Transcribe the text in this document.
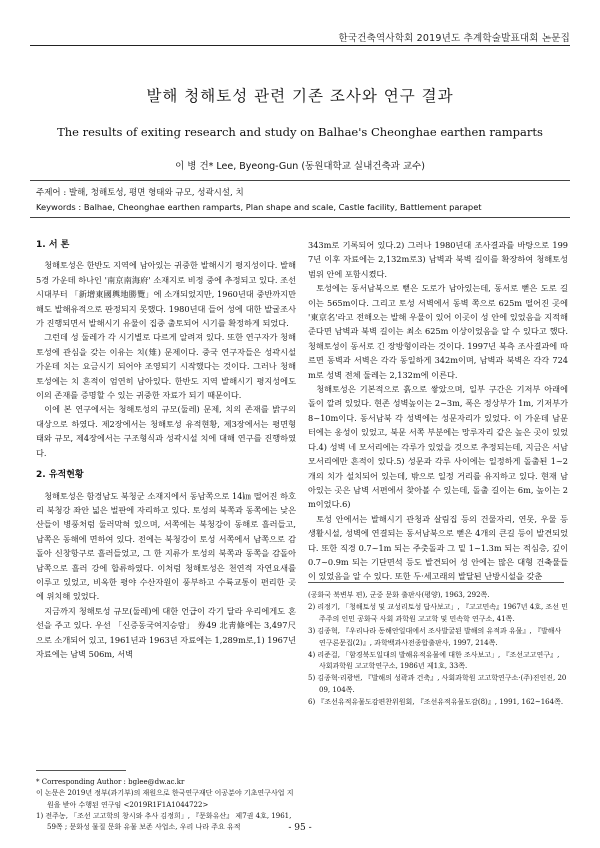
한국건축역사학회 2019년도 추계학술발표대회 논문집
발해 청해토성 관련 기존 조사와 연구 결과
The results of exiting research and study on Balhae's Cheonghae earthen ramparts
이 병 건* Lee, Byeong-Gun (동원대학교 실내건축과 교수)
주제어 : 발해, 청해토성, 평면 형태와 규모, 성곽시설, 치
Keywords : Balhae, Cheonghae earthen ramparts, Plan shape and scale, Castle facility, Battlement parapet
1. 서 론

청해토성은 한반도 지역에 남아있는 귀중한 발해시기 평지성이다. 발해 5경 가운데 하나인 '南京南海府' 소재지로 비정 중에 추정되고 있다. 조선시대부터 「新增東國輿地勝覽」에 소개되었지만, 1960년대 중반까지만 해도 발해유적으로 판정되지 못했다. 1980년대 들어 성에 대한 발굴조사가 진행되면서 발해시기 유물이 집중 출토되어 시기를 확정하게 되었다.

그런데 성 둘레가 각 시기별로 다르게 알려져 있다. 또한 연구자가 청해토성에 관심을 갖는 이유는 치(雉) 문제이다. 중국 연구자들은 성곽시설 가운데 치는 요금시기 되어야 조영되기 시작했다는 것이다. 그러나 청해토성에는 치 흔적이 엄연히 남아있다. 한반도 지역 발해시기 평지성에도 이의 존재를 증명할 수 있는 귀중한 자료가 되기 때문이다.

이에 본 연구에서는 청해토성의 규모(둘레) 문제, 치의 존재를 밝구의 대상으로 하였다. 제2장에서는 청해토성 유적현황, 제3장에서는 평면형태와 규모, 제4장에서는 구조형식과 성곽시설 치에 대해 연구를 진행하였다.

2. 유적현황

청해토성은 함경남도 북청군 소재지에서 동남쪽으로 14㎞ 떨어진 하호리 북청강 좌안 넓은 벌판에 자리하고 있다. 토성의 북쪽과 동쪽에는 낮은 산들이 병풍처럼 둘러막혀 있으며, 서쪽에는 북청강이 동해로 흘러들고, 남쪽은 동해에 면하여 있다. 전에는 북청강이 토성 서쪽에서 남쪽으로 감돌아 신창항구로 흘러들었고, 그 한 지류가 토성의 북쪽과 동쪽을 감돌아 남쪽으로 흘러 강에 합류하였다. 이처럼 청해토성은 천연적 자연요새를 이루고 있었고, 비옥한 평야 수산자원이 풍부하고 수륙교통이 편리한 곳에 위치해 있었다.

지금까지 청해토성 규모(둘레)에 대한 언급이 각기 달라 우리에게도 혼선을 주고 있다. 우선 「신증동국여지승람」 券49 北靑條에는 3,497尺으로 소개되어 있고, 1961년과 1963년 자료에는 1,289m로,1) 1967년 자료에는 남벽 506m, 서벽

343m로 기록되어 있다.2) 그러나 1980년대 조사결과를 바탕으로 1997년 이후 자료에는 2,132m로3) 남벽과 북벽 길이를 확장하여 청해토성 범위 안에 포함시켰다.

토성에는 동서남북으로 뻗은 도로가 남아있는데, 동서로 뻗은 도로 길이는 565m이다. 그리고 토성 서벽에서 동벽 쪽으로 625m 떨어진 곳에 '東京名'라고 전해오는 발해 우물이 있어 이곳이 성 안에 있었음을 지적해 준다면 남벽과 북벽 길이는 최소 625m 이상이었음을 알 수 있다고 했다. 청해토성이 동서로 긴 장방형이라는 것이다. 1997년 북측 조사결과에 따르면 동벽과 서벽은 각각 동일하게 342m이며, 남벽과 북벽은 각각 724m로 성벽 전체 둘레는 2,132m에 이른다.

청해토성은 기본적으로 흙으로 쌓았으며, 일부 구간은 기저부 아래에 돌이 깔려 있었다. 현존 성벽높이는 2~3m, 폭은 정상부가 1m, 기저부가 8~10m이다. 동서남북 각 성벽에는 성문자리가 있었다. 이 가운데 남문터에는 옹성이 있었고, 북문 서쪽 부분에는 망루자리 같은 높은 곳이 있었다.4) 성벽 네 모서리에는 각루가 있었을 것으로 추정되는데, 지금은 서남 모서리에만 흔적이 있다.5) 성문과 각루 사이에는 일정하게 돌출된 1~2개의 치가 설치되어 있는데, 밖으로 일정 거리를 유지하고 있다. 현재 남아있는 곳은 남벽 서편에서 찾아볼 수 있는데, 돌출 길이는 6m, 높이는 2m이었다.6)

토성 안에서는 발해시기 관청과 살림집 등의 건물자리, 연못, 우물 등 생활시설, 성벽에 연결되는 동서남북으로 뻗은 4개의 큰길 등이 발견되었다. 또한 직경 0.7~1m 되는 주춧돌과 그 밑 1~1.3m 되는 적심층, 깊이 0.7~0.9m 되는 기단면석 등도 발견되어 성 안에는 많은 대형 건축물들이 있었음을 알 수 있다. 또한 두·세고래의 발달된 난방시설을 갖춘

(공화국 북변부 편), 군중 문화 출판사(평양), 1963, 292쪽.

2) 리정기, 「청해토성 및 교성리토성 답사보고」, 『고고민속』1967년 4호, 조선 민주주의 인민 공화국 사회 과학원 고고학 및 민속학 연구소, 41쪽.

3) 김종혁, 『우리나라 동해안일대에서 조사발굴된 발해의 유적과 유물』, 『발해사연구론문집(2)』, 과학백과사전종합출판사, 1997, 214쪽.

4) 리준걸, 「함경북도일대의 발해유적유물에 대한 조사보고」, 『조선고고연구』, 사회과학원 고고학연구소, 1986년 제1호, 33쪽.

5) 김종혁·리광번, 『발해의 성곽과 건축』, 사회과학원 고고학연구소·(주)진인진, 2009, 104쪽.

6) 『조선유적유물도감편찬위원회, 『조선유적유물도감(8)』, 1991, 162~164쪽.

* Corresponding Author : bglee@dw.ac.kr

이 논문은 2019년 정부(과기부)의 재원으로 한국연구재단 이공분야 기초연구사업 지원을 받아 수행된 연구임 <2019R1F1A1044722>

1) 전주농, 「조선 고고학의 창시와 추사 김정희」, 『문화유산』 제7권 4호, 1961, 59쪽 ; 문화성 물질 문화 유물 보존 사업소, 우리 나라 주요 유적	- 95 -
